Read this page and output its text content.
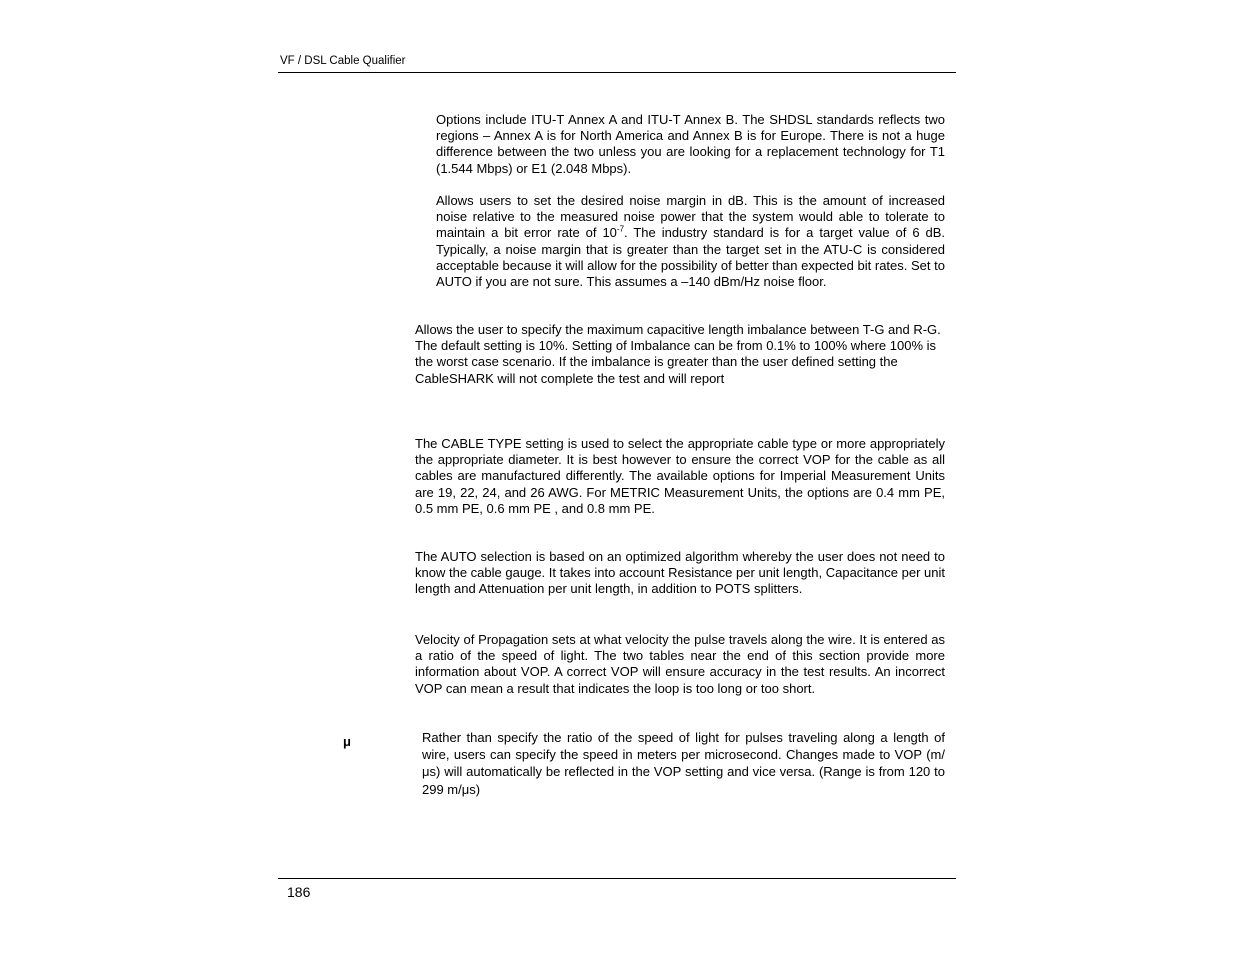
VF / DSL Cable Qualifier

Options include ITU-T Annex A and ITU-T Annex B. The SHDSL standards reflects two regions – Annex A is for North America and Annex B is for Europe. There is not a huge difference between the two unless you are looking for a replacement technology for T1 (1.544 Mbps) or E1 (2.048 Mbps).

Allows users to set the desired noise margin in dB. This is the amount of increased noise relative to the measured noise power that the system would able to tolerate to maintain a bit error rate of $10^{-7}$. The industry standard is for a target value of 6 dB. Typically, a noise margin that is greater than the target set in the ATU-C is considered acceptable because it will allow for the possibility of better than expected bit rates. Set to AUTO if you are not sure. This assumes a –140 dBm/Hz noise floor.

Allows the user to specify the maximum capacitive length imbalance between T-G and R-G. The default setting is 10%. Setting of Imbalance can be from 0.1% to 100% where 100% is the worst case scenario. If the imbalance is greater than the user defined setting the CableSHARK will not complete the test and will report

The CABLE TYPE setting is used to select the appropriate cable type or more appropriately the appropriate diameter. It is best however to ensure the correct VOP for the cable as all cables are manufactured differently. The available options for Imperial Measurement Units are 19, 22, 24, and 26 AWG. For METRIC Measurement Units, the options are 0.4 mm PE, 0.5 mm PE, 0.6 mm PE , and 0.8 mm PE.

The AUTO selection is based on an optimized algorithm whereby the user does not need to know the cable gauge. It takes into account Resistance per unit length, Capacitance per unit length and Attenuation per unit length, in addition to POTS splitters.

Velocity of Propagation sets at what velocity the pulse travels along the wire. It is entered as a ratio of the speed of light. The two tables near the end of this section provide more information about VOP. A correct VOP will ensure accuracy in the test results. An incorrect VOP can mean a result that indicates the loop is too long or too short.

μ	Rather than specify the ratio of the speed of light for pulses traveling along a length of wire, users can specify the speed in meters per microsecond. Changes made to VOP (m/μs) will automatically be reflected in the VOP setting and vice versa. (Range is from 120 to 299 m/μs)

186
